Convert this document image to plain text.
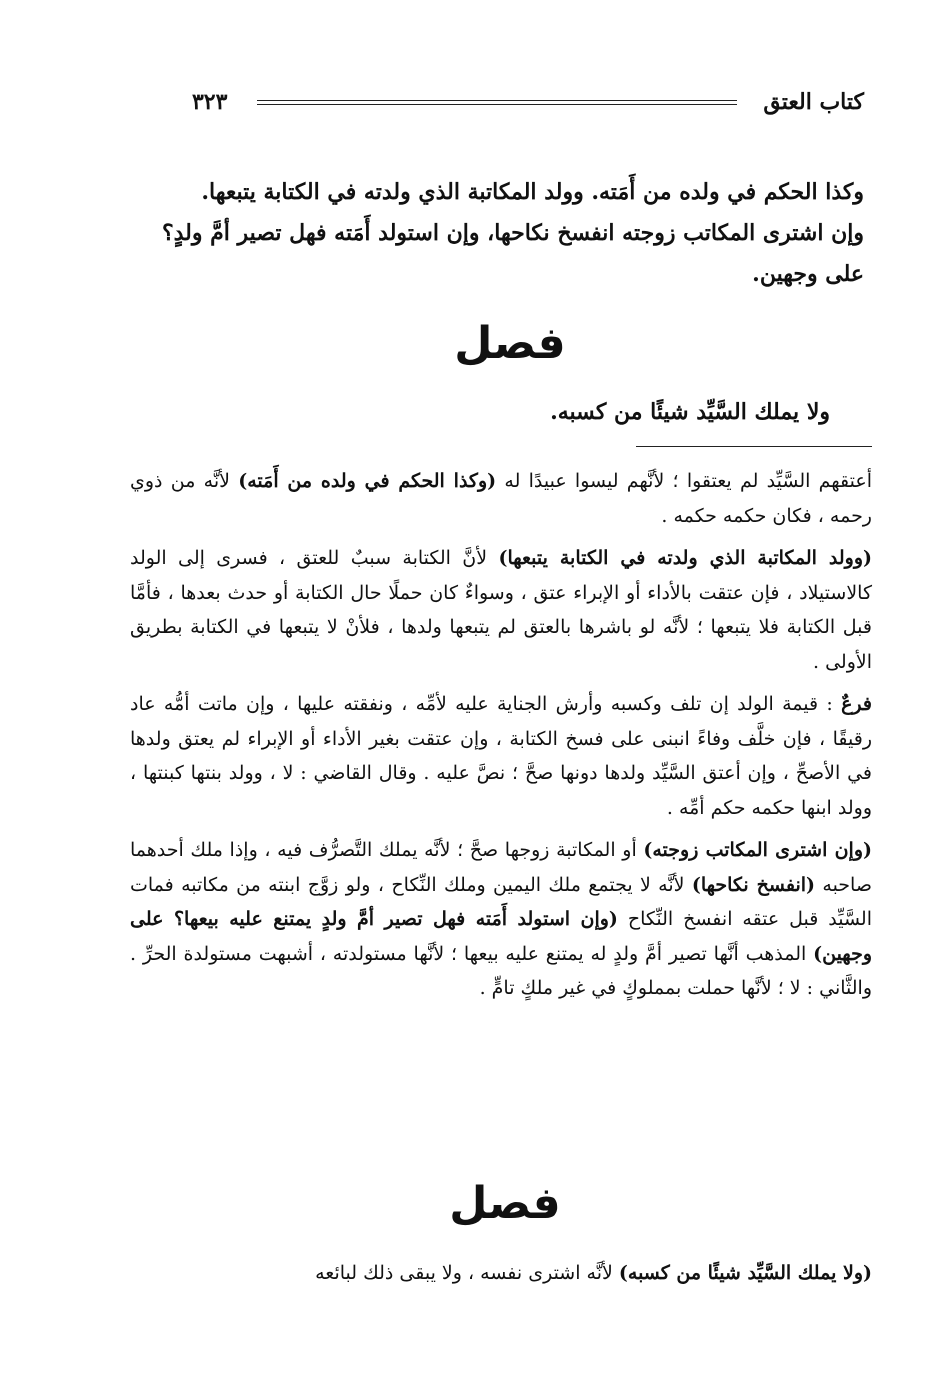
كتاب العتق
٣٢٣

وكذا الحكم في ولده من أَمَته. وولد المكاتبة الذي ولدته في الكتابة يتبعها.

وإن اشترى المكاتب زوجته انفسخ نكاحها، وإن استولد أَمَته فهل تصير أمَّ ولدٍ؟

على وجهين.

فصل
ولا يملك السَّيِّد شيئًا من كسبه.

أعتقهم السَّيِّد لم يعتقوا ؛ لأنَّهم ليسوا عبيدًا له (وكذا الحكم في ولده من أَمَته) لأنَّه من ذوي رحمه ، فكان حكمه حكمه .

(وولد المكاتبة الذي ولدته في الكتابة يتبعها) لأنَّ الكتابة سببٌ للعتق ، فسرى إلى الولد كالاستيلاد ، فإن عتقت بالأداء أو الإبراء عتق ، وسواءٌ كان حملًا حال الكتابة أو حدث بعدها ، فأمَّا قبل الكتابة فلا يتبعها ؛ لأنَّه لو باشرها بالعتق لم يتبعها ولدها ، فلأنْ لا يتبعها في الكتابة بطريق الأولى .

فرعٌ : قيمة الولد إن تلف وكسبه وأرش الجناية عليه لأمِّه ، ونفقته عليها ، وإن ماتت أمُّه عاد رقيقًا ، فإن خلَّف وفاءً انبنى على فسخ الكتابة ، وإن عتقت بغير الأداء أو الإبراء لم يعتق ولدها في الأصحِّ ، وإن أعتق السَّيِّد ولدها دونها صحَّ ؛ نصَّ عليه . وقال القاضي : لا ، وولد بنتها كبنتها ، وولد ابنها حكمه حكم أمِّه .

(وإن اشترى المكاتب زوجته) أو المكاتبة زوجها صحَّ ؛ لأنَّه يملك التَّصرُّف فيه ، وإذا ملك أحدهما صاحبه (انفسخ نكاحها) لأنَّه لا يجتمع ملك اليمين وملك النِّكاح ، ولو زوَّج ابنته من مكاتبه فمات السَّيِّد قبل عتقه انفسخ النِّكاح (وإن استولد أَمَته فهل تصير أمَّ ولدٍ يمتنع عليه بيعها؟ على وجهين) المذهب أنَّها تصير أمَّ ولدٍ له يمتنع عليه بيعها ؛ لأنَّها مستولدته ، أشبهت مستولدة الحرِّ . والثَّاني : لا ؛ لأنَّها حملت بمملوكٍ في غير ملكٍ تامٍّ .

فصل
(ولا يملك السَّيِّد شيئًا من كسبه) لأنَّه اشترى نفسه ، ولا يبقى ذلك لبائعه
